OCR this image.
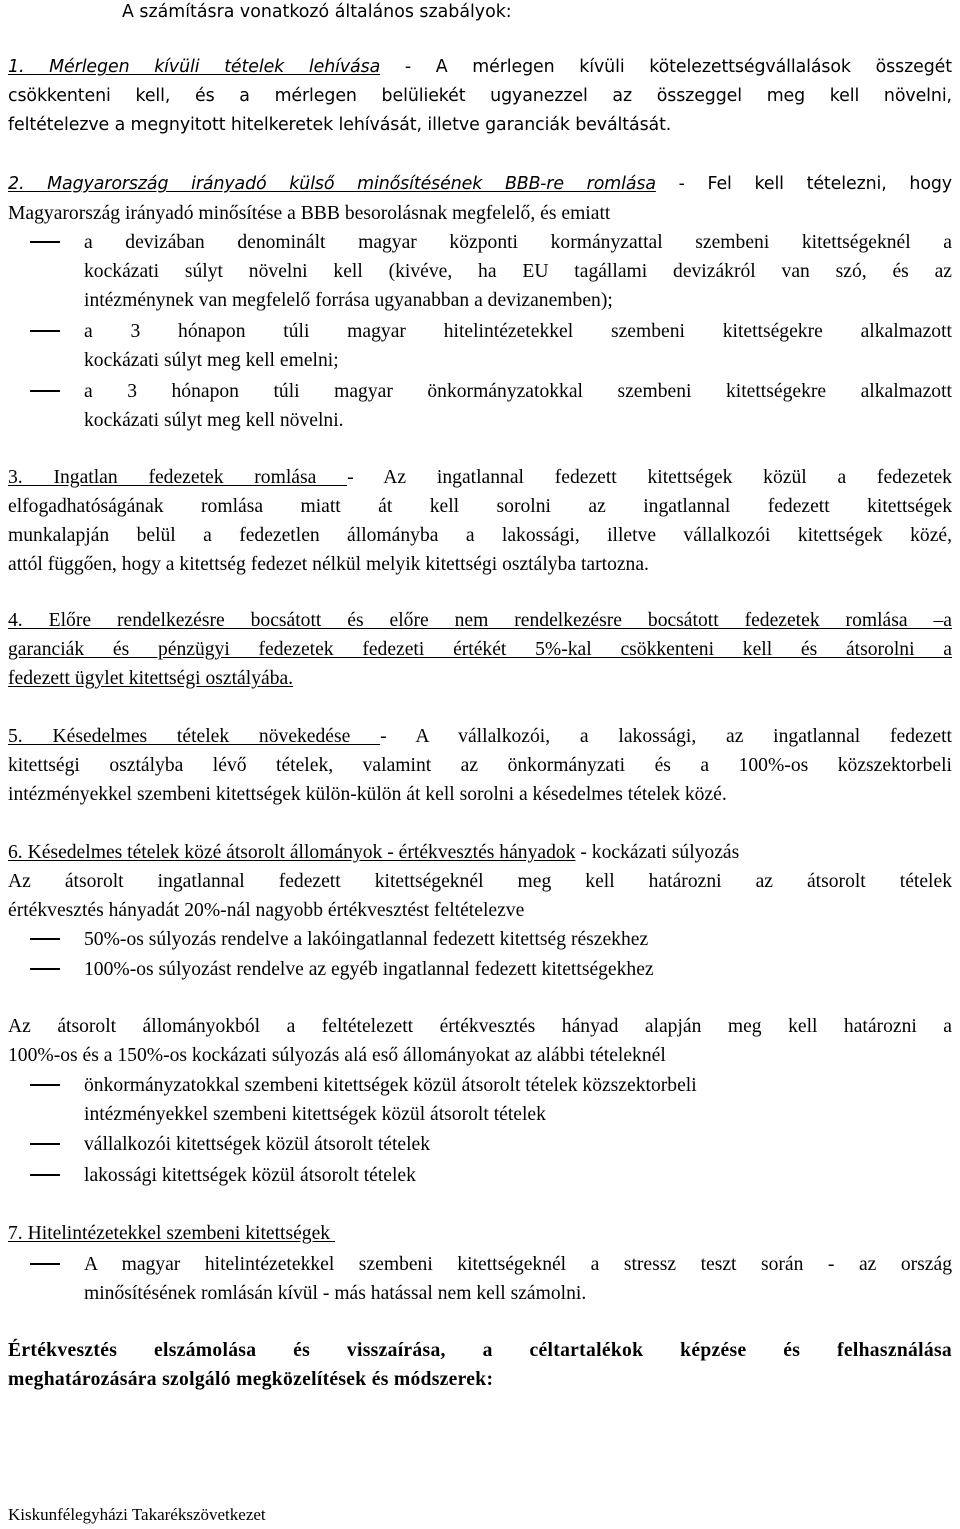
A számításra vonatkozó általános szabályok:
1. Mérlegen kívüli tételek lehívása - A mérlegen kívüli kötelezettségvállalások összegét
csökkenteni kell, és a mérlegen belüliekét ugyanezzel az összeggel meg kell növelni,
feltételezve a megnyitott hitelkeretek lehívását, illetve garanciák beváltását.
2. Magyarország irányadó külső minősítésének BBB-re romlása - Fel kell tételezni, hogy
Magyarország irányadó minősítése a BBB besorolásnak megfelelő, és emiatt
a devizában denominált magyar központi kormányzattal szembeni kitettségeknél a
kockázati súlyt növelni kell (kivéve, ha EU tagállami devizákról van szó, és az
intézménynek van megfelelő forrása ugyanabban a devizanemben);
a 3 hónapon túli magyar hitelintézetekkel szembeni kitettségekre alkalmazott
kockázati súlyt meg kell emelni;
a 3 hónapon túli magyar önkormányzatokkal szembeni kitettségekre alkalmazott
kockázati súlyt meg kell növelni.
3. Ingatlan fedezetek romlása - Az ingatlannal fedezett kitettségek közül a fedezetek
elfogadhatóságának romlása miatt át kell sorolni az ingatlannal fedezett kitettségek
munkalapján belül a fedezetlen állományba a lakossági, illetve vállalkozói kitettségek közé,
attól függően, hogy a kitettség fedezet nélkül melyik kitettségi osztályba tartozna.
4. Előre rendelkezésre bocsátott és előre nem rendelkezésre bocsátott fedezetek romlása –a
garanciák és pénzügyi fedezetek fedezeti értékét 5%-kal csökkenteni kell és átsorolni a
fedezett ügylet kitettségi osztályába.
5. Késedelmes tételek növekedése - A vállalkozói, a lakossági, az ingatlannal fedezett
kitettségi osztályba lévő tételek, valamint az önkormányzati és a 100%-os közszektorbeli
intézményekkel szembeni kitettségek külön-külön át kell sorolni a késedelmes tételek közé.
6. Késedelmes tételek közé átsorolt állományok - értékvesztés hányadok - kockázati súlyozás
Az átsorolt ingatlannal fedezett kitettségeknél meg kell határozni az átsorolt tételek
értékvesztés hányadát 20%-nál nagyobb értékvesztést feltételezve
50%-os súlyozás rendelve a lakóingatlannal fedezett kitettség részekhez
100%-os súlyozást rendelve az egyéb ingatlannal fedezett kitettségekhez
Az átsorolt állományokból a feltételezett értékvesztés hányad alapján meg kell határozni a
100%-os és a 150%-os kockázati súlyozás alá eső állományokat az alábbi tételeknél
önkormányzatokkal szembeni kitettségek közül átsorolt tételek közszektorbeli
intézményekkel szembeni kitettségek közül átsorolt tételek
vállalkozói kitettségek közül átsorolt tételek
lakossági kitettségek közül átsorolt tételek
7. Hitelintézetekkel szembeni kitettségek
A magyar hitelintézetekkel szembeni kitettségeknél a stressz teszt során - az ország
minősítésének romlásán kívül - más hatással nem kell számolni.
Értékvesztés elszámolása és visszaírása, a céltartalékok képzése és felhasználása
meghatározására szolgáló megközelítések és módszerek:
Kiskunfélegyházi Takarékszövetkezet
